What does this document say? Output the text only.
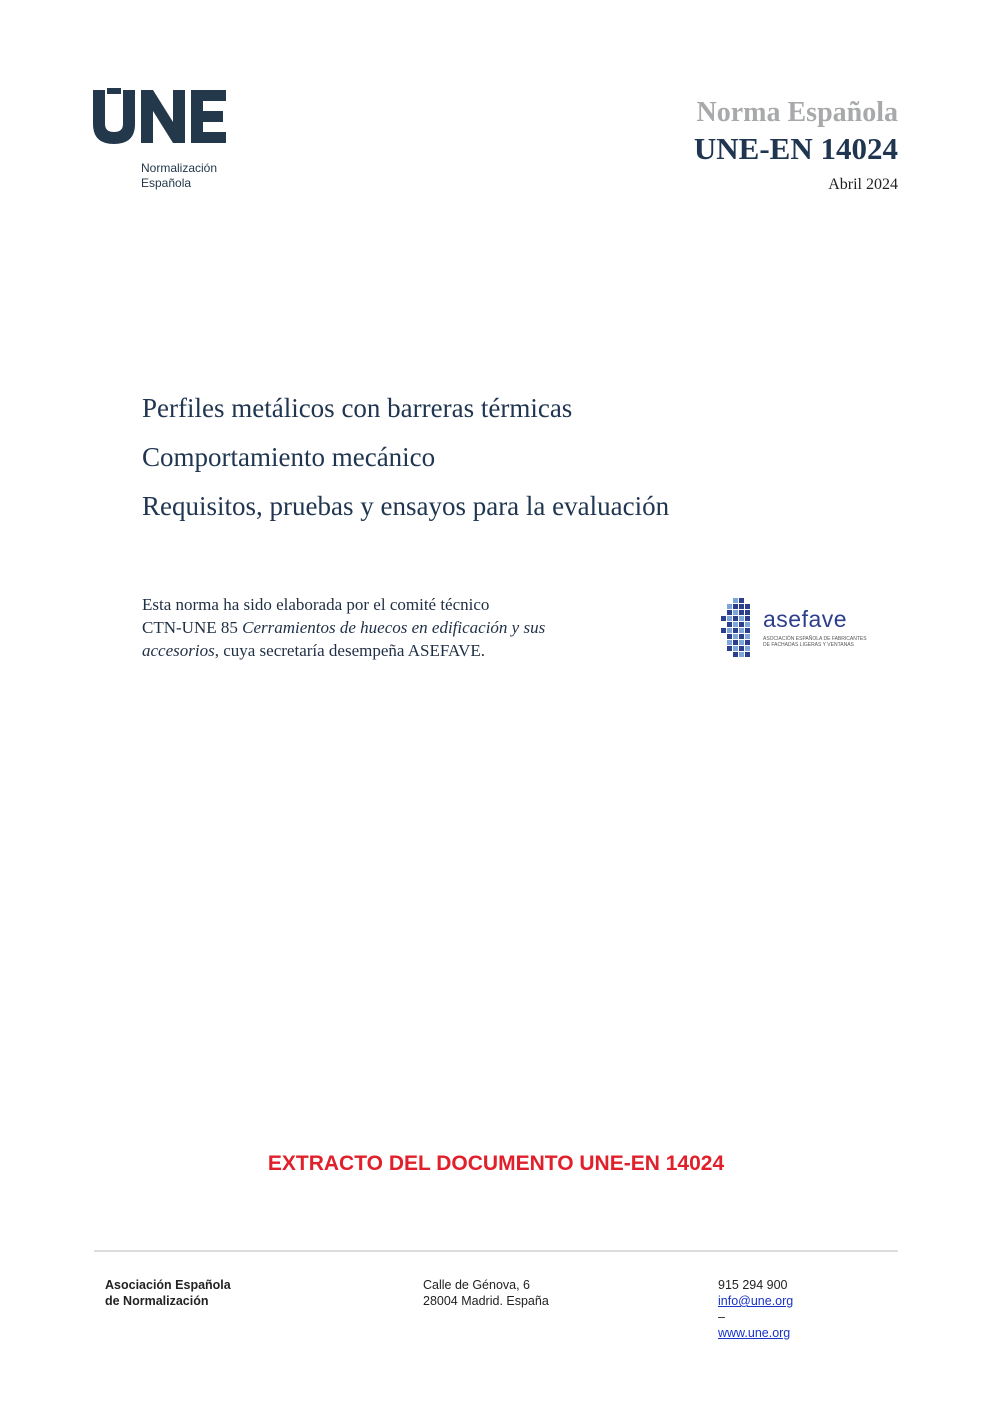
Normalización
Española
Norma Española
UNE-EN 14024
Abril 2024
Perfiles metálicos con barreras térmicas
Comportamiento mecánico
Requisitos, pruebas y ensayos para la evaluación
Esta norma ha sido elaborada por el comité técnico
CTN-UNE 85 Cerramientos de huecos en edificación y sus
accesorios, cuya secretaría desempeña ASEFAVE.
asefave
ASOCIACIÓN ESPAÑOLA DE FABRICANTES
DE FACHADAS LIGERAS Y VENTANAS
EXTRACTO DEL DOCUMENTO UNE-EN 14024
Asociación Española
de Normalización
Calle de Génova, 6
28004 Madrid. España
915 294 900
info@une.org
–
www.une.org
